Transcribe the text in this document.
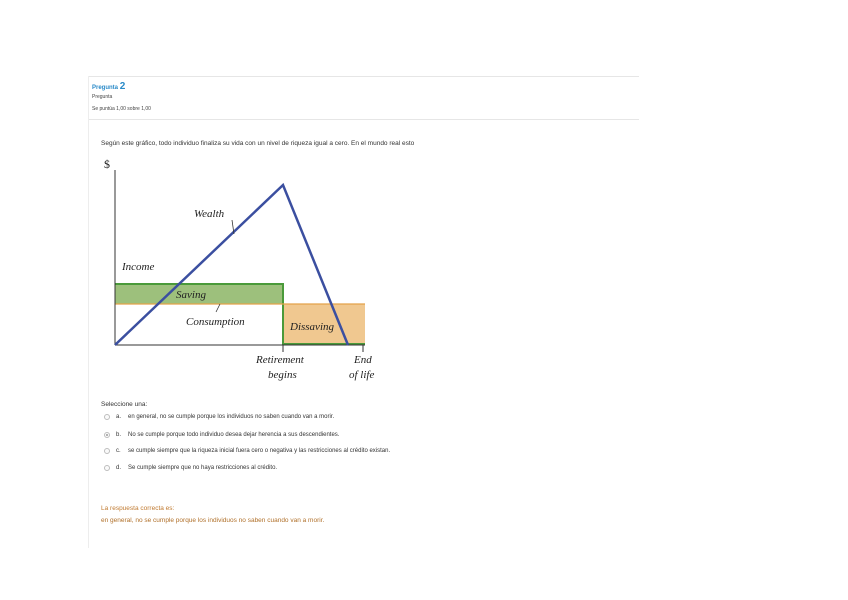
Pregunta 2
Pregunta
Se puntúa 1,00 sobre 1,00
Según este gráfico, todo individuo finaliza su vida con un nivel de riqueza igual a cero. En el mundo real esto
$
Wealth
Income
Saving
Consumption	Dissaving
Retirement
begins
End
of life
Seleccione una:
a.	en general, no se cumple porque los individuos no saben cuando van a morir.
b.	No se cumple porque todo individuo desea dejar herencia a sus descendientes.
c.	se cumple siempre que la riqueza inicial fuera cero o negativa y las restricciones al crédito existan.
d.	Se cumple siempre que no haya restricciones al crédito.
La respuesta correcta es:
en general, no se cumple porque los individuos no saben cuando van a morir.
